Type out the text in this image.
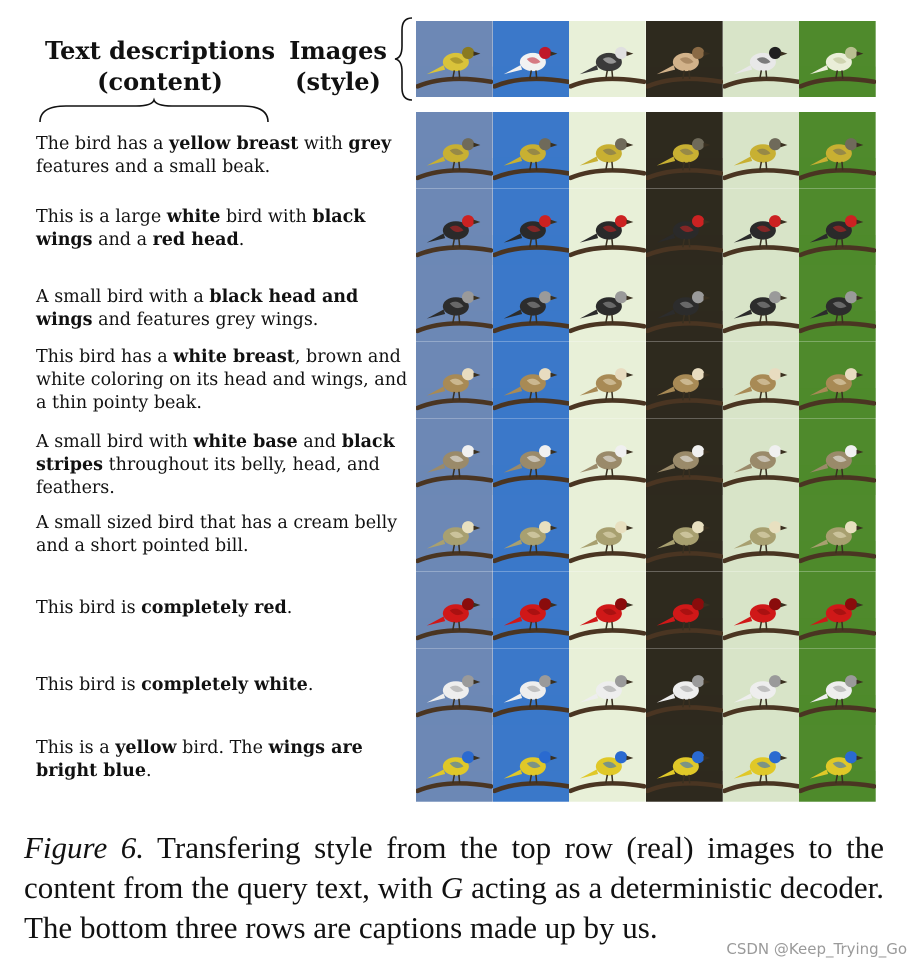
Text descriptions
(content)
Images
(style)
The bird has a yellow breast with grey features and a small beak.
This is a large white bird with black wings and a red head.
A small bird with a black head and wings and features grey wings.
This bird has a white breast, brown and white coloring on its head and wings, and a thin pointy beak.
A small bird with white base and black stripes throughout its belly, head, and feathers.
A small sized bird that has a cream belly and a short pointed bill.
This bird is completely red.
This bird is completely white.
This is a yellow bird. The wings are bright blue.
Figure 6. Transfering style from the top row (real) images to the content from the query text, with G acting as a deterministic decoder. The bottom three rows are captions made up by us.
CSDN @Keep_Trying_Go
